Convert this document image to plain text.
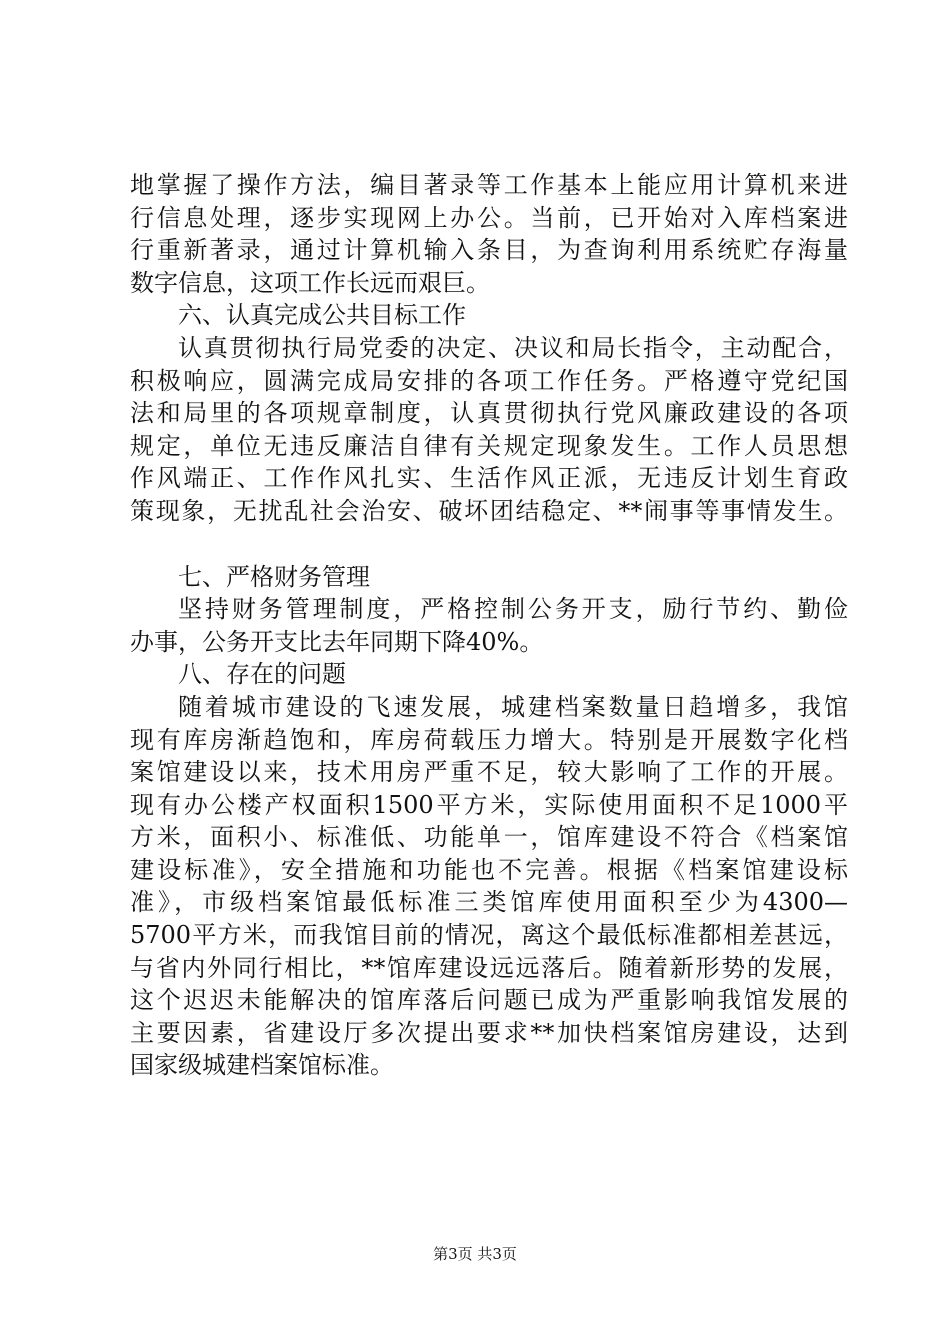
地掌握了操作方法，编目著录等工作基本上能应用计算机来进

行信息处理，逐步实现网上办公。当前，已开始对入库档案进

行重新著录，通过计算机输入条目，为查询利用系统贮存海量

数字信息，这项工作长远而艰巨。

六、认真完成公共目标工作

认真贯彻执行局党委的决定、决议和局长指令，主动配合，

积极响应，圆满完成局安排的各项工作任务。严格遵守党纪国

法和局里的各项规章制度，认真贯彻执行党风廉政建设的各项

规定，单位无违反廉洁自律有关规定现象发生。工作人员思想

作风端正、工作作风扎实、生活作风正派，无违反计划生育政

策现象，无扰乱社会治安、破坏团结稳定、**闹事等事情发生。

七、严格财务管理

坚持财务管理制度，严格控制公务开支，励行节约、勤俭

办事，公务开支比去年同期下降40%。

八、存在的问题

随着城市建设的飞速发展，城建档案数量日趋增多，我馆

现有库房渐趋饱和，库房荷载压力增大。特别是开展数字化档

案馆建设以来，技术用房严重不足，较大影响了工作的开展。

现有办公楼产权面积1500平方米，实际使用面积不足1000平

方米，面积小、标准低、功能单一，馆库建设不符合《档案馆

建设标准》，安全措施和功能也不完善。根据《档案馆建设标

准》，市级档案馆最低标准三类馆库使用面积至少为4300—

5700平方米，而我馆目前的情况，离这个最低标准都相差甚远，

与省内外同行相比，**馆库建设远远落后。随着新形势的发展，

这个迟迟未能解决的馆库落后问题已成为严重影响我馆发展的

主要因素，省建设厅多次提出要求**加快档案馆房建设，达到

国家级城建档案馆标准。

第3页 共3页
